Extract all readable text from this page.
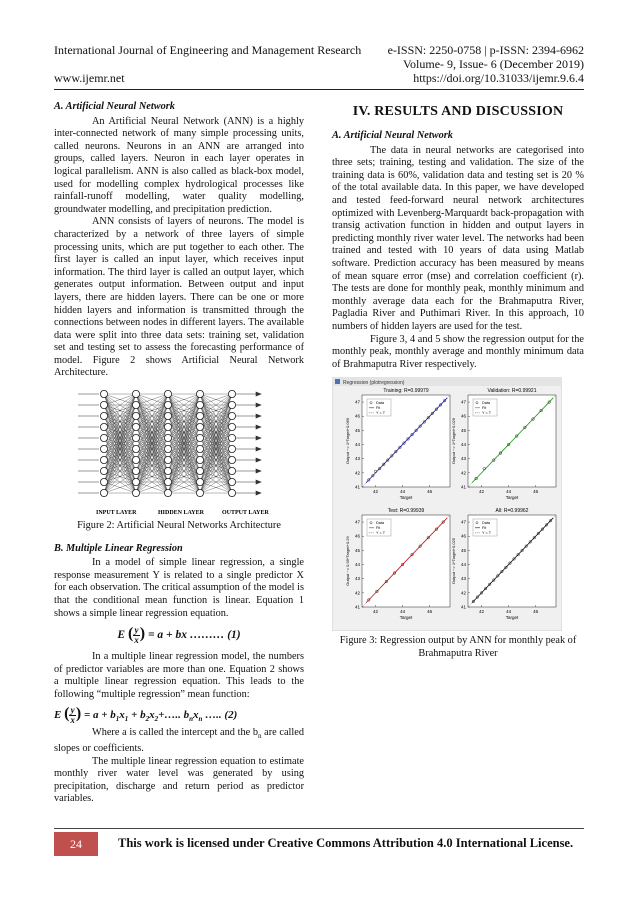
International Journal of Engineering and Management Research e-ISSN: 2250-0758 | p-ISSN: 2394-6962
Volume- 9, Issue- 6 (December 2019)
www.ijemr.net	https://doi.org/10.31033/ijemr.9.6.4
A. Artificial Neural Network

An Artificial Neural Network (ANN) is a highly inter-connected network of many simple processing units, called neurons. Neurons in an ANN are arranged into groups, called layers. Neuron in each layer operates in logical parallelism. ANN is also called as black-box model, used for modelling complex hydrological processes like rainfall-runoff modelling, water quality modelling, groundwater modelling, and precipitation prediction.

ANN consists of layers of neurons. The model is characterized by a network of three layers of simple processing units, which are put together to each other. The first layer is called an input layer, which receives input information. The third layer is called an output layer, which generates output information. Between output and input layers, there are hidden layers. There can be one or more hidden layers and information is transmitted through the connections between nodes in different layers. The available data were split into three data sets: training set, validation set and testing set to assess the forecasting performance of model. Figure 2 shows Artificial Neural Network Architecture.

INPUT LAYER	HIDDEN LAYER	OUTPUT LAYER
Figure 2: Artificial Neural Networks Architecture
B. Multiple Linear Regression

In a model of simple linear regression, a single response measurement Y is related to a single predictor X for each observation. The critical assumption of the model is that the conditional mean function is linear. Equation 1 shows a simple linear regression equation.

E $(\frac{y}{x}) = a$ + bx ……… (1)

In a multiple linear regression model, the numbers of predictor variables are more than one. Equation 2 shows a multiple linear regression equation. This leads to the following “multiple regression” mean function:

E $(\frac{y}{x}) = a + b_1x_1$ + $b_2x_2+\dots$.. $b_nx_n$ ….. (2)

Where a is called the intercept and the $b_n$ are called slopes or coefficients.

The multiple linear regression equation to estimate monthly river water level was generated by using precipitation, discharge and return period as predictor variables.

IV. RESULTS AND DISCUSSION
A. Artificial Neural Network

The data in neural networks are categorised into three sets; training, testing and validation. The size of the training data is 60%, validation data and testing set is 20 % of the total available data. In this paper, we have developed and tested feed-forward neural network architectures optimized with Levenberg-Marquardt back-propagation with transig activation function in hidden and output layers in predicting monthly river water level. The networks had been trained and tested with 10 years of data using Matlab software. Prediction accuracy has been measured by means of mean square error (mse) and correlation coefficient (r). The tests are done for monthly peak, monthly minimum and monthly average data each for the Brahmaputra River, Pagladia River and Puthimari River. In this approach, 10 numbers of hidden layers are used for the test.

Figure 3, 4 and 5 show the regression output for the monthly peak, monthly average and monthly minimum data of Brahmaputra River respectively.

Regression (plotregression)
Training: R=0.99979
42	44	46
41
42
43
44
45
46
47
Target
Output ~= 1*Target+0.069
Data
Fit
Y = T
Validation: R=0.99921
42	44	46
41
42
43
44
45
46
47
Target
Output ~= 1*Target+0.029
Data
Fit
Y = T
Test: R=0.99939
42	44	46
41
42
43
44
45
46
47
Target
Output ~= 0.99*Target+0.29
Data
Fit
Y = T
All: R=0.99962
42	44	46
41
42
43
44
45
46
47
Target
Output ~= 1*Target+0.025
Data
Fit
Y = T
Figure 3: Regression output by ANN for monthly peak of Brahmaputra River
24	This work is licensed under Creative Commons Attribution 4.0 International License.
